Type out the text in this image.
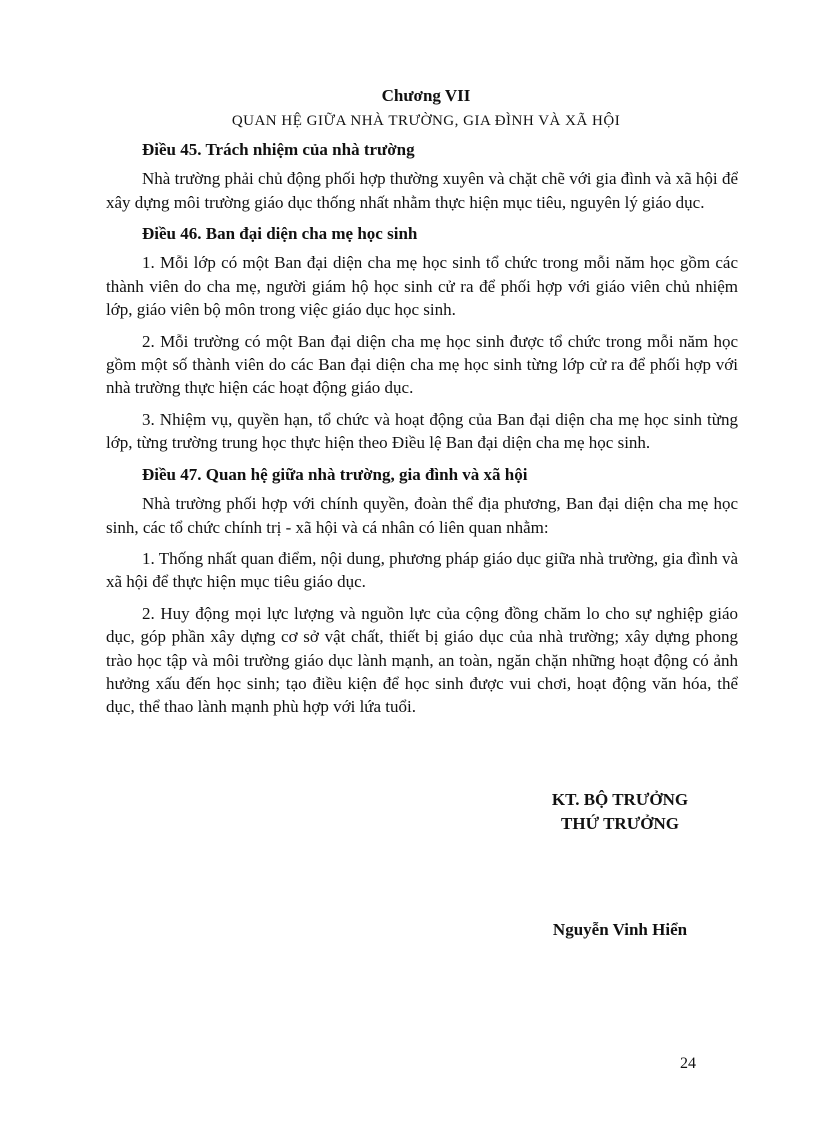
Chương VII

QUAN HỆ GIỮA NHÀ TRƯỜNG, GIA ĐÌNH VÀ XÃ HỘI

Điều 45. Trách nhiệm của nhà trường

Nhà trường phải chủ động phối hợp thường xuyên và chặt chẽ với gia đình và xã hội để xây dựng môi trường giáo dục thống nhất nhằm thực hiện mục tiêu, nguyên lý giáo dục.

Điều 46. Ban đại diện cha mẹ học sinh

1. Mỗi lớp có một Ban đại diện cha mẹ học sinh tổ chức trong mỗi năm học gồm các thành viên do cha mẹ, người giám hộ học sinh cử ra để phối hợp với giáo viên chủ nhiệm lớp, giáo viên bộ môn trong việc giáo dục học sinh.

2. Mỗi trường có một Ban đại diện cha mẹ học sinh được tổ chức trong mỗi năm học gồm một số thành viên do các Ban đại diện cha mẹ học sinh từng lớp cử ra để phối hợp với nhà trường thực hiện các hoạt động giáo dục.

3. Nhiệm vụ, quyền hạn, tổ chức và hoạt động của Ban đại diện cha mẹ học sinh từng lớp, từng trường trung học thực hiện theo Điều lệ Ban đại diện cha mẹ học sinh.

Điều 47. Quan hệ giữa nhà trường, gia đình và xã hội

Nhà trường phối hợp với chính quyền, đoàn thể địa phương, Ban đại diện cha mẹ học sinh, các tổ chức chính trị - xã hội và cá nhân có liên quan nhằm:

1. Thống nhất quan điểm, nội dung, phương pháp giáo dục giữa nhà trường, gia đình và xã hội để thực hiện mục tiêu giáo dục.

2. Huy động mọi lực lượng và nguồn lực của cộng đồng chăm lo cho sự nghiệp giáo dục, góp phần xây dựng cơ sở vật chất, thiết bị giáo dục của nhà trường; xây dựng phong trào học tập và môi trường giáo dục lành mạnh, an toàn, ngăn chặn những hoạt động có ảnh hưởng xấu đến học sinh; tạo điều kiện để học sinh được vui chơi, hoạt động văn hóa, thể dục, thể thao lành mạnh phù hợp với lứa tuổi.

KT. BỘ TRƯỞNG
THỨ TRƯỞNG
Nguyễn Vinh Hiển
24
